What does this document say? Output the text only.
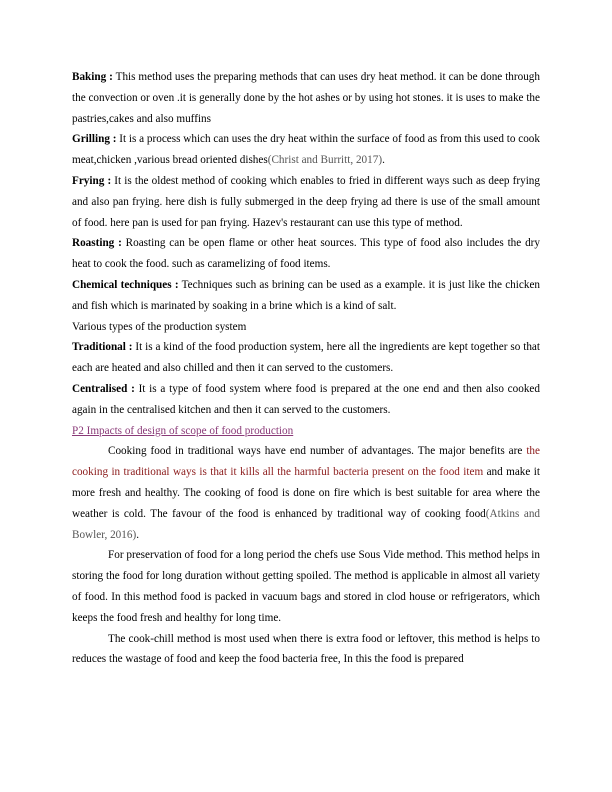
Baking : This method uses the preparing methods that can uses dry heat method. it can be done through the convection or oven .it is generally done by the hot ashes or by using hot stones. it is uses to make the pastries,cakes and also muffins

Grilling : It is a process which can uses the dry heat within the surface of food as from this used to cook meat,chicken ,various bread oriented dishes(Christ and Burritt, 2017).

Frying : It is the oldest method of cooking which enables to fried in different ways such as deep frying and also pan frying. here dish is fully submerged in the deep frying ad there is use of the small amount of food. here pan is used for pan frying. Hazev's restaurant can use this type of method.

Roasting : Roasting can be open flame or other heat sources. This type of food also includes the dry heat to cook the food. such as caramelizing of food items.

Chemical techniques : Techniques such as brining can be used as a example. it is just like the chicken and fish which is marinated by soaking in a brine which is a kind of salt.

Various types of the production system

Traditional : It is a kind of the food production system, here all the ingredients are kept together so that each are heated and also chilled and then it can served to the customers.

Centralised : It is a type of food system where food is prepared at the one end and then also cooked again in the centralised kitchen and then it can served to the customers.

P2 Impacts of design of scope of food production

Cooking food in traditional ways have end number of advantages. The major benefits are the cooking in traditional ways is that it kills all the harmful bacteria present on the food item and make it more fresh and healthy. The cooking of food is done on fire which is best suitable for area where the weather is cold. The favour of the food is enhanced by traditional way of cooking food(Atkins and Bowler, 2016).

For preservation of food for a long period the chefs use Sous Vide method. This method helps in storing the food for long duration without getting spoiled. The method is applicable in almost all variety of food. In this method food is packed in vacuum bags and stored in clod house or refrigerators, which keeps the food fresh and healthy for long time.

The cook-chill method is most used when there is extra food or leftover, this method is helps to reduces the wastage of food and keep the food bacteria free, In this the food is prepared
